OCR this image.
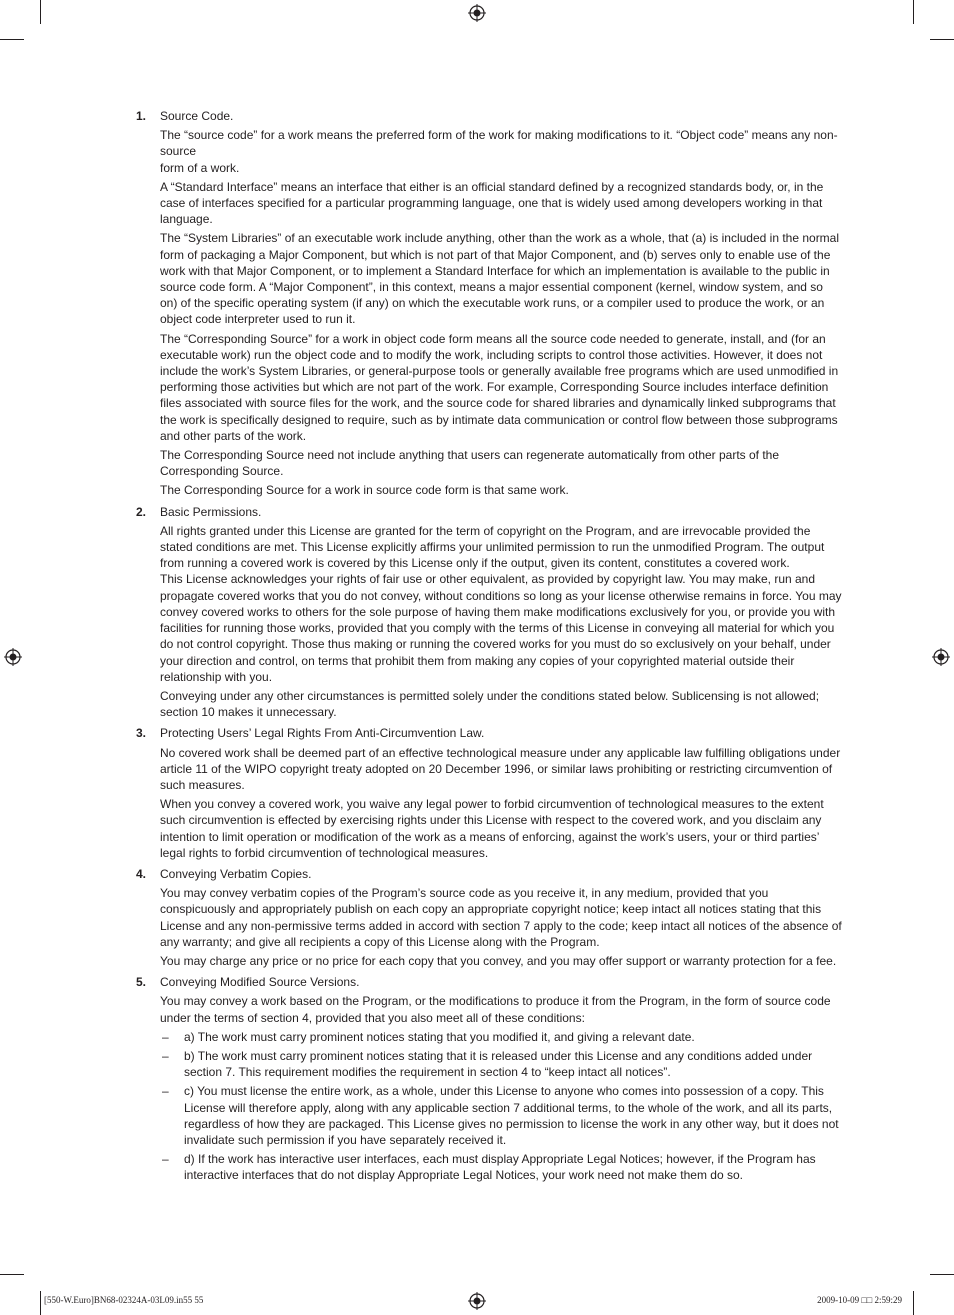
1.	Source Code.
The “source code” for a work means the preferred form of the work for making modifications to it. “Object code” means any non-source
form of a work.
A “Standard Interface” means an interface that either is an official standard defined by a recognized standards body, or, in the case of interfaces specified for a particular programming language, one that is widely used among developers working in that language.
The “System Libraries” of an executable work include anything, other than the work as a whole, that (a) is included in the normal form of packaging a Major Component, but which is not part of that Major Component, and (b) serves only to enable use of the work with that Major Component, or to implement a Standard Interface for which an implementation is available to the public in source code form. A “Major Component”, in this context, means a major essential component (kernel, window system, and so on) of the specific operating system (if any) on which the executable work runs, or a compiler used to produce the work, or an object code interpreter used to run it.
The “Corresponding Source” for a work in object code form means all the source code needed to generate, install, and (for an executable work) run the object code and to modify the work, including scripts to control those activities. However, it does not include the work’s System Libraries, or general-purpose tools or generally available free programs which are used unmodified in performing those activities but which are not part of the work. For example, Corresponding Source includes interface definition files associated with source files for the work, and the source code for shared libraries and dynamically linked subprograms that the work is specifically designed to require, such as by intimate data communication or control flow between those subprograms and other parts of the work.
The Corresponding Source need not include anything that users can regenerate automatically from other parts of the Corresponding Source.
The Corresponding Source for a work in source code form is that same work.
2.	Basic Permissions.
All rights granted under this License are granted for the term of copyright on the Program, and are irrevocable provided the stated conditions are met. This License explicitly affirms your unlimited permission to run the unmodified Program. The output from running a covered work is covered by this License only if the output, given its content, constitutes a covered work.
This License acknowledges your rights of fair use or other equivalent, as provided by copyright law. You may make, run and propagate covered works that you do not convey, without conditions so long as your license otherwise remains in force. You may convey covered works to others for the sole purpose of having them make modifications exclusively for you, or provide you with facilities for running those works, provided that you comply with the terms of this License in conveying all material for which you do not control copyright. Those thus making or running the covered works for you must do so exclusively on your behalf, under your direction and control, on terms that prohibit them from making any copies of your copyrighted material outside their relationship with you.
Conveying under any other circumstances is permitted solely under the conditions stated below. Sublicensing is not allowed; section 10 makes it unnecessary.
3.	Protecting Users’ Legal Rights From Anti-Circumvention Law.
No covered work shall be deemed part of an effective technological measure under any applicable law fulfilling obligations under article 11 of the WIPO copyright treaty adopted on 20 December 1996, or similar laws prohibiting or restricting circumvention of such measures.
When you convey a covered work, you waive any legal power to forbid circumvention of technological measures to the extent such circumvention is effected by exercising rights under this License with respect to the covered work, and you disclaim any intention to limit operation or modification of the work as a means of enforcing, against the work’s users, your or third parties’ legal rights to forbid circumvention of technological measures.
4.	Conveying Verbatim Copies.
You may convey verbatim copies of the Program’s source code as you receive it, in any medium, provided that you conspicuously and appropriately publish on each copy an appropriate copyright notice; keep intact all notices stating that this License and any non-permissive terms added in accord with section 7 apply to the code; keep intact all notices of the absence of any warranty; and give all recipients a copy of this License along with the Program.
You may charge any price or no price for each copy that you convey, and you may offer support or warranty protection for a fee.
5.	Conveying Modified Source Versions.
You may convey a work based on the Program, or the modifications to produce it from the Program, in the form of source code under the terms of section 4, provided that you also meet all of these conditions:
–	a) The work must carry prominent notices stating that you modified it, and giving a relevant date.
–	b) The work must carry prominent notices stating that it is released under this License and any conditions added under section 7. This requirement modifies the requirement in section 4 to “keep intact all notices”.
–	c) You must license the entire work, as a whole, under this License to anyone who comes into possession of a copy. This License will therefore apply, along with any applicable section 7 additional terms, to the whole of the work, and all its parts, regardless of how they are packaged. This License gives no permission to license the work in any other way, but it does not invalidate such permission if you have separately received it.
–	d) If the work has interactive user interfaces, each must display Appropriate Legal Notices; however, if the Program has interactive interfaces that do not display Appropriate Legal Notices, your work need not make them do so.
[550-W.Euro]BN68-02324A-03L09.in55 55	2009-10-09 □□ 2:59:29
